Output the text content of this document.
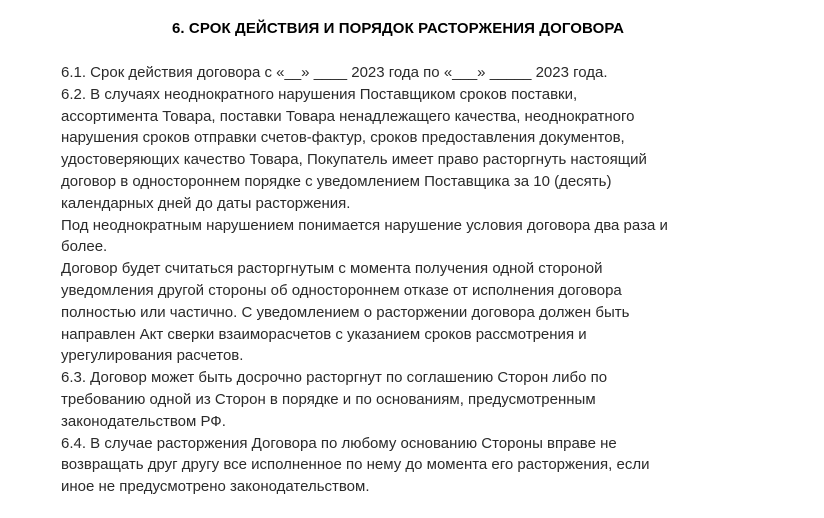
6. СРОК ДЕЙСТВИЯ И ПОРЯДОК РАСТОРЖЕНИЯ ДОГОВОРА
6.1. Срок действия договора с «__» ____ 2023 года по «___» _____ 2023 года.
6.2. В случаях неоднократного нарушения Поставщиком сроков поставки,
ассортимента Товара, поставки Товара ненадлежащего качества, неоднократного
нарушения сроков отправки счетов-фактур, сроков предоставления документов,
удостоверяющих качество Товара, Покупатель имеет право расторгнуть настоящий
договор в одностороннем порядке с уведомлением Поставщика за 10 (десять)
календарных дней до даты расторжения.
Под неоднократным нарушением понимается нарушение условия договора два раза и
более.
Договор будет считаться расторгнутым с момента получения одной стороной
уведомления другой стороны об одностороннем отказе от исполнения договора
полностью или частично. С уведомлением о расторжении договора должен быть
направлен Акт сверки взаиморасчетов с указанием сроков рассмотрения и
урегулирования расчетов.
6.3. Договор может быть досрочно расторгнут по соглашению Сторон либо по
требованию одной из Сторон в порядке и по основаниям, предусмотренным
законодательством РФ.
6.4. В случае расторжения Договора по любому основанию Стороны вправе не
возвращать друг другу все исполненное по нему до момента его расторжения, если
иное не предусмотрено законодательством.
